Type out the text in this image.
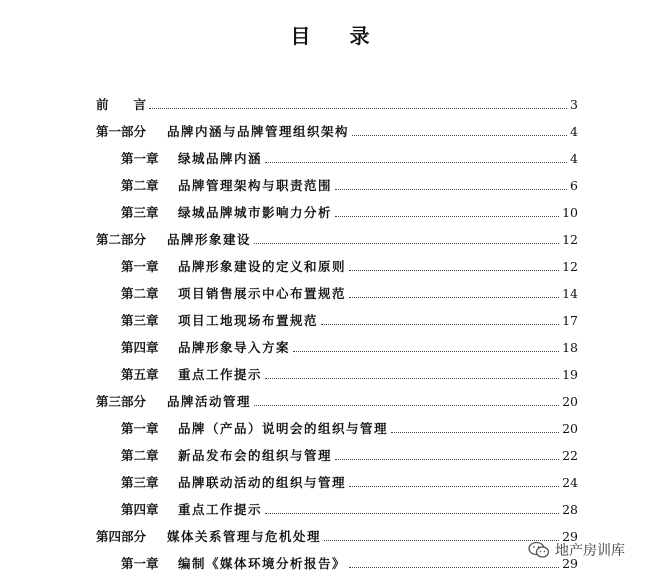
目 录
前　　言	3
第一部分	品牌内涵与品牌管理组织架构	4
第一章	绿城品牌内涵	4
第二章	品牌管理架构与职责范围	6
第三章	绿城品牌城市影响力分析	10
第二部分	品牌形象建设	12
第一章	品牌形象建设的定义和原则	12
第二章	项目销售展示中心布置规范	14
第三章	项目工地现场布置规范	17
第四章	品牌形象导入方案	18
第五章	重点工作提示	19
第三部分	品牌活动管理	20
第一章	品牌（产品）说明会的组织与管理	20
第二章	新品发布会的组织与管理	22
第三章	品牌联动活动的组织与管理	24
第四章	重点工作提示	28
第四部分	媒体关系管理与危机处理	29
第一章	编制《媒体环境分析报告》	29
地产房训库
